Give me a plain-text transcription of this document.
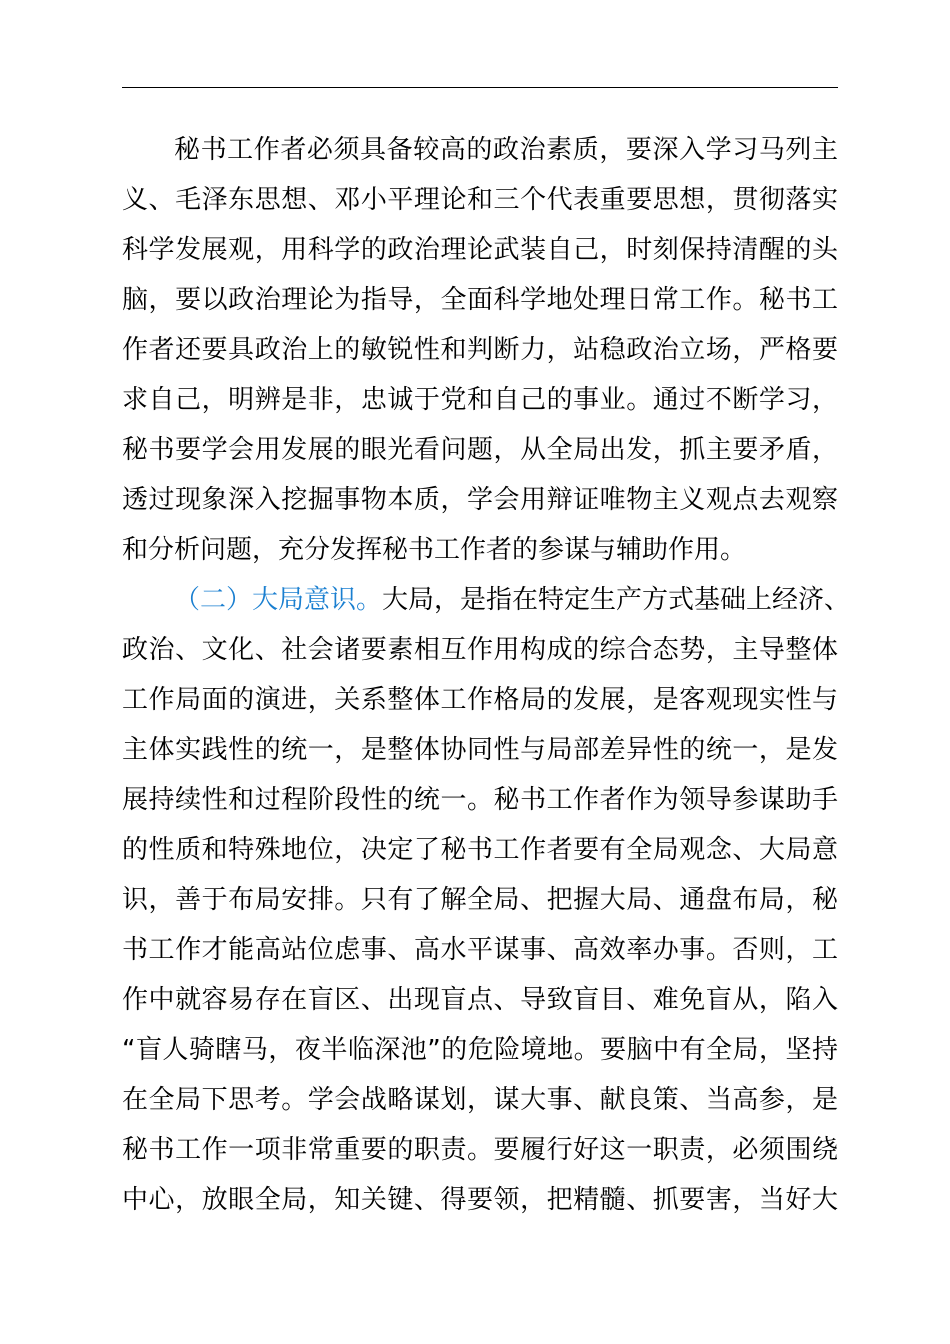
秘书工作者必须具备较高的政治素质，要深入学习马列主
义、毛泽东思想、邓小平理论和三个代表重要思想，贯彻落实
科学发展观，用科学的政治理论武装自己，时刻保持清醒的头
脑，要以政治理论为指导，全面科学地处理日常工作。秘书工
作者还要具政治上的敏锐性和判断力，站稳政治立场，严格要
求自己，明辨是非，忠诚于党和自己的事业。通过不断学习，
秘书要学会用发展的眼光看问题，从全局出发，抓主要矛盾，
透过现象深入挖掘事物本质，学会用辩证唯物主义观点去观察
和分析问题，充分发挥秘书工作者的参谋与辅助作用。
（二）大局意识。大局，是指在特定生产方式基础上经济、
政治、文化、社会诸要素相互作用构成的综合态势，主导整体
工作局面的演进，关系整体工作格局的发展，是客观现实性与
主体实践性的统一，是整体协同性与局部差异性的统一，是发
展持续性和过程阶段性的统一。秘书工作者作为领导参谋助手
的性质和特殊地位，决定了秘书工作者要有全局观念、大局意
识，善于布局安排。只有了解全局、把握大局、通盘布局，秘
书工作才能高站位虑事、高水平谋事、高效率办事。否则，工
作中就容易存在盲区、出现盲点、导致盲目、难免盲从，陷入
“盲人骑瞎马，夜半临深池”的危险境地。要脑中有全局，坚持
在全局下思考。学会战略谋划，谋大事、献良策、当高参，是
秘书工作一项非常重要的职责。要履行好这一职责，必须围绕
中心，放眼全局，知关键、得要领，把精髓、抓要害，当好大
